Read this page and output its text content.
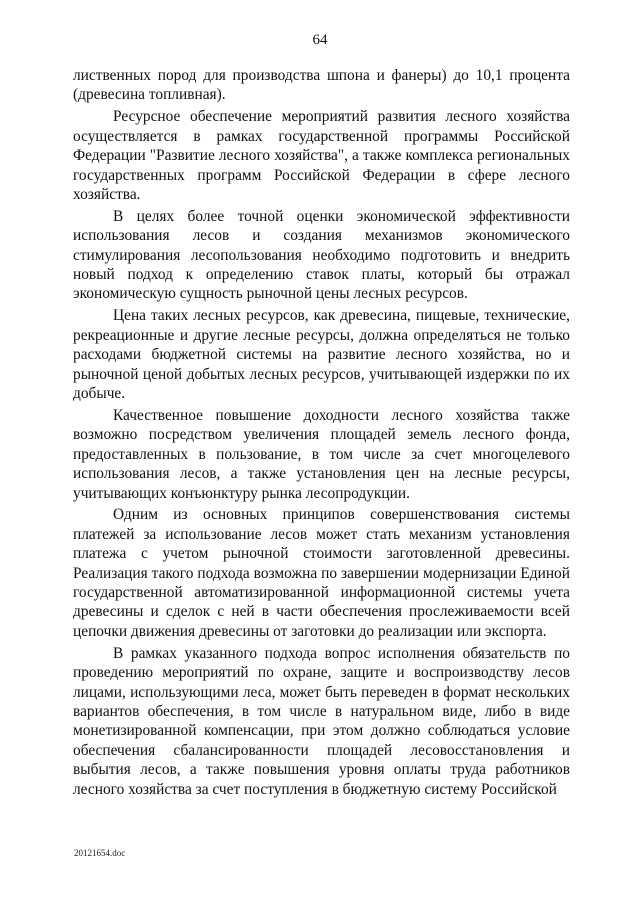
64

лиственных пород для производства шпона и фанеры) до 10,1 процента (древесина топливная).

Ресурсное обеспечение мероприятий развития лесного хозяйства осуществляется в рамках государственной программы Российской Федерации "Развитие лесного хозяйства", а также комплекса региональных государственных программ Российской Федерации в сфере лесного хозяйства.

В целях более точной оценки экономической эффективности использования лесов и создания механизмов экономического стимулирования лесопользования необходимо подготовить и внедрить новый подход к определению ставок платы, который бы отражал экономическую сущность рыночной цены лесных ресурсов.

Цена таких лесных ресурсов, как древесина, пищевые, технические, рекреационные и другие лесные ресурсы, должна определяться не только расходами бюджетной системы на развитие лесного хозяйства, но и рыночной ценой добытых лесных ресурсов, учитывающей издержки по их добыче.

Качественное повышение доходности лесного хозяйства также возможно посредством увеличения площадей земель лесного фонда, предоставленных в пользование, в том числе за счет многоцелевого использования лесов, а также установления цен на лесные ресурсы, учитывающих конъюнктуру рынка лесопродукции.

Одним из основных принципов совершенствования системы платежей за использование лесов может стать механизм установления платежа с учетом рыночной стоимости заготовленной древесины. Реализация такого подхода возможна по завершении модернизации Единой государственной автоматизированной информационной системы учета древесины и сделок с ней в части обеспечения прослеживаемости всей цепочки движения древесины от заготовки до реализации или экспорта.

В рамках указанного подхода вопрос исполнения обязательств по проведению мероприятий по охране, защите и воспроизводству лесов лицами, использующими леса, может быть переведен в формат нескольких вариантов обеспечения, в том числе в натуральном виде, либо в виде монетизированной компенсации, при этом должно соблюдаться условие обеспечения сбалансированности площадей лесовосстановления и выбытия лесов, а также повышения уровня оплаты труда работников лесного хозяйства за счет поступления в бюджетную систему Российской

20121654.doc
